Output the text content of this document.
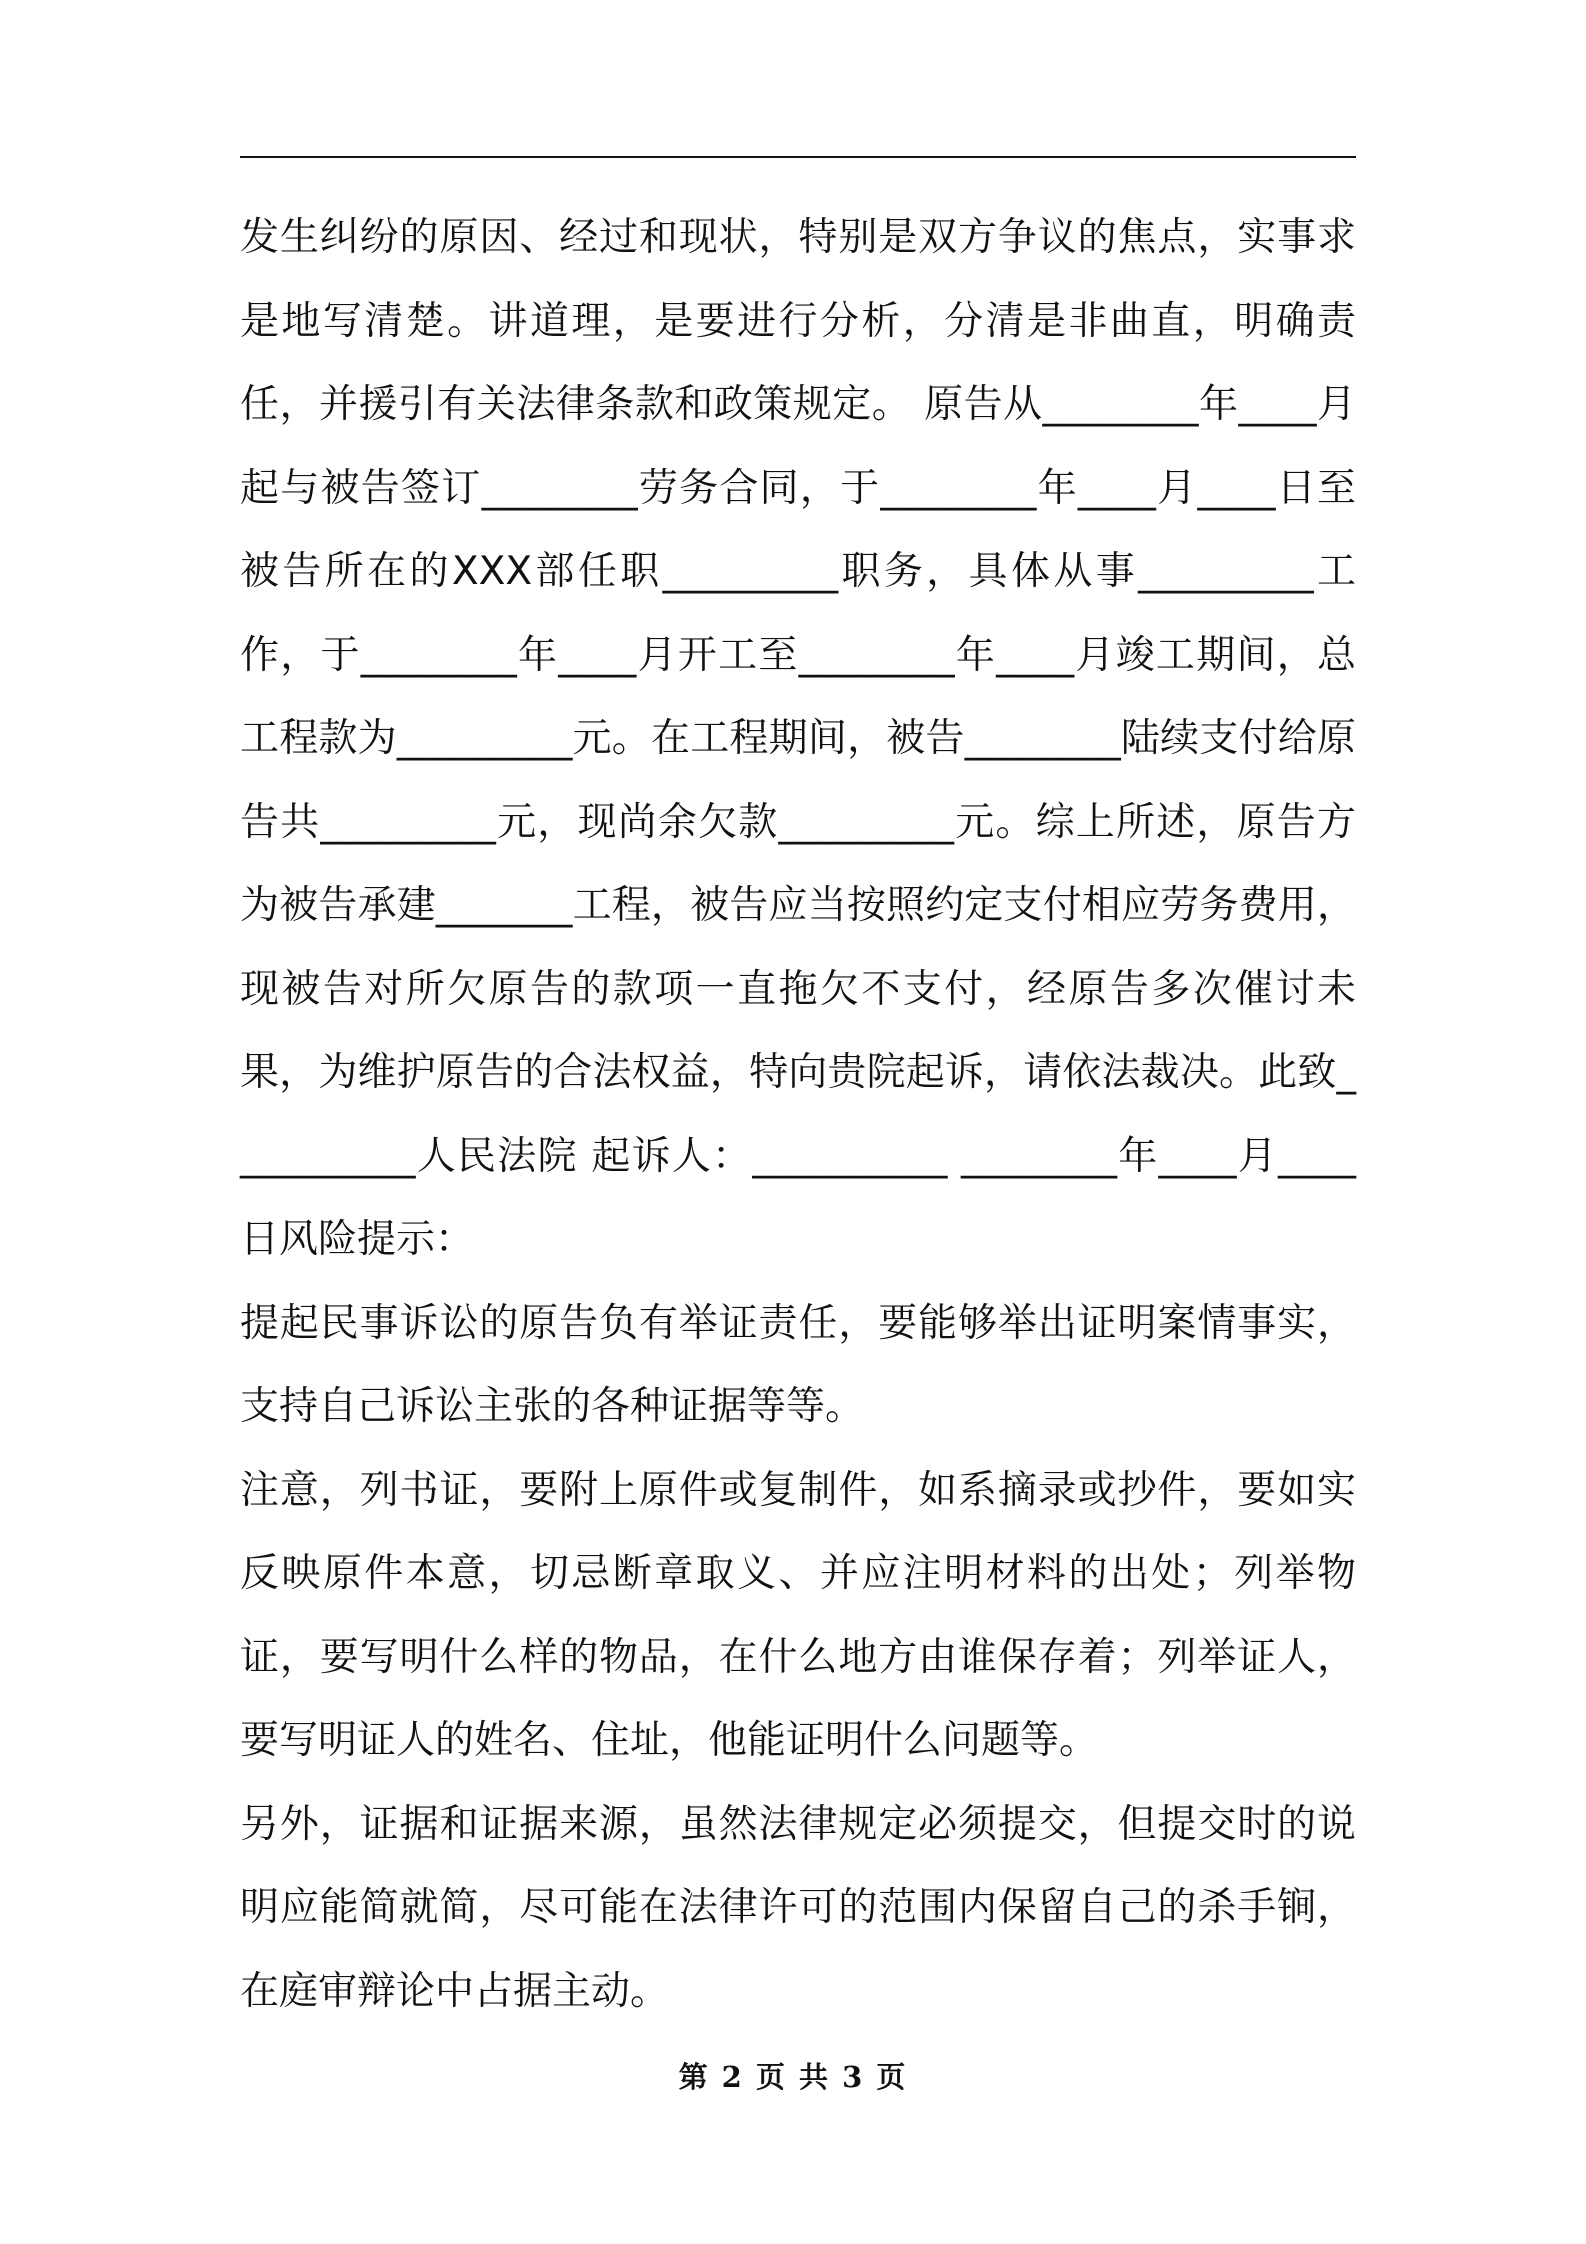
发生纠纷的原因、经过和现状，特别是双方争议的焦点，实事求是地写清楚。讲道理，是要进行分析，分清是非曲直，明确责任，并援引有关法律条款和政策规定。 原告从________年____月起与被告签订________劳务合同，于________年____月____日至被告所在的XXX部任职_________职务，具体从事_________工作，于________年____月开工至________年____月竣工期间，总工程款为_________元。在工程期间，被告________陆续支付给原告共_________元，现尚余欠款_________元。综上所述，原告方为被告承建_______工程，被告应当按照约定支付相应劳务费用，现被告对所欠原告的款项一直拖欠不支付，经原告多次催讨未果，为维护原告的合法权益，特向贵院起诉，请依法裁决。此致__________人民法院 起诉人：__________ ________年____月____日风险提示：

提起民事诉讼的原告负有举证责任，要能够举出证明案情事实，支持自己诉讼主张的各种证据等等。

注意，列书证，要附上原件或复制件，如系摘录或抄件，要如实反映原件本意，切忌断章取义、并应注明材料的出处；列举物证，要写明什么样的物品，在什么地方由谁保存着；列举证人，要写明证人的姓名、住址，他能证明什么问题等。

另外，证据和证据来源，虽然法律规定必须提交，但提交时的说明应能简就简，尽可能在法律许可的范围内保留自己的杀手锏，在庭审辩论中占据主动。

第 2 页 共 3 页
